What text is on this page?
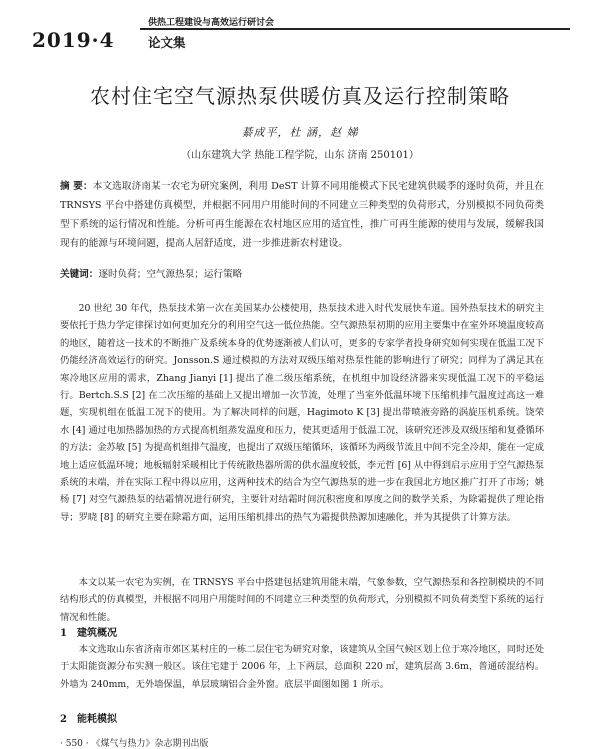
2019·4
供热工程建设与高效运行研讨会
论文集
农村住宅空气源热泵供暖仿真及运行控制策略
綦成平，杜 涵，赵 娣
（山东建筑大学 热能工程学院，山东 济南 250101）

摘 要：本文选取济南某一农宅为研究案例，利用 DeST 计算不同用能模式下民宅建筑供暖季的逐时负荷，并且在 TRNSYS 平台中搭建仿真模型，并根据不同用户用能时间的不同建立三种类型的负荷形式，分别模拟不同负荷类型下系统的运行情况和性能。分析可再生能源在农村地区应用的适宜性，推广可再生能源的使用与发展，缓解我国现有的能源与环境问题，提高人居舒适度，进一步推进新农村建设。

关键词：逐时负荷；空气源热泵；运行策略

20 世纪 30 年代，热泵技术第一次在美国某办公楼使用，热泵技术进入时代发展快车道。国外热泵技术的研究主要依托于热力学定律探讨如何更加充分的利用空气这一低位热能。空气源热泵初期的应用主要集中在室外环境温度较高的地区，随着这一技术的不断推广及系统本身的优势逐渐被人们认可，更多的专家学者投身研究如何实现在低温工况下仍能经济高效运行的研究。Jonsson.S 通过模拟的方法对双级压缩对热泵性能的影响进行了研究；同样为了满足其在寒冷地区应用的需求，Zhang Jianyi [1] 提出了准二级压缩系统，在机组中加设经济器来实现低温工况下的平稳运行。Bertch.S.S [2] 在二次压缩的基础上又提出增加一次节流，处理了当室外低温环境下压缩机排气温度过高这一难题，实现机组在低温工况下的使用。为了解决同样的问题，Hagimoto K [3] 提出带喷液旁路的涡旋压机系统。饶荣水 [4] 通过电加热器加热的方式提高机组蒸发温度和压力，使其更适用于低温工况，该研究还涉及双级压缩和复叠循环的方法；金苏敏 [5] 为提高机组排气温度，也提出了双级压缩循环，该循环为两级节流且中间不完全冷却，能在一定成地上适应低温环境；地板辐射采暖相比于传统散热器所需的供水温度较低，李元哲 [6] 从中得到启示应用于空气源热泵系统的末端，并在实际工程中得以应用，这两种技术的结合为空气源热泵的进一步在我国北方地区推广打开了市场；姚杨 [7] 对空气源热泵的结霜情况进行研究，主要针对结霜时间沉积密度和厚度之间的数学关系，为除霜提供了理论指导；罗晓 [8] 的研究主要在除霜方面，运用压缩机排出的热气为霜提供热源加速融化，并为其提供了计算方法。

本文以某一农宅为实例，在 TRNSYS 平台中搭建包括建筑用能末端，气象参数，空气源热泵和各控制模块的不同结构形式的仿真模型，并根据不同用户用能时间的不同建立三种类型的负荷形式，分别模拟不同负荷类型下系统的运行情况和性能。

1　建筑概况

本文选取山东省济南市郊区某村庄的一栋二层住宅为研究对象，该建筑从全国气候区划上位于寒冷地区，同时还处于太阳能资源分布实测一般区。该住宅建于 2006 年，上下两层，总面积 220 ㎡，建筑层高 3.6m，普通砖混结构。外墙为 240mm，无外墙保温，单层玻璃铝合金外窗。底层平面图如图 1 所示。

2　能耗模拟

· 550 · 《煤气与热力》杂志期刊出版
